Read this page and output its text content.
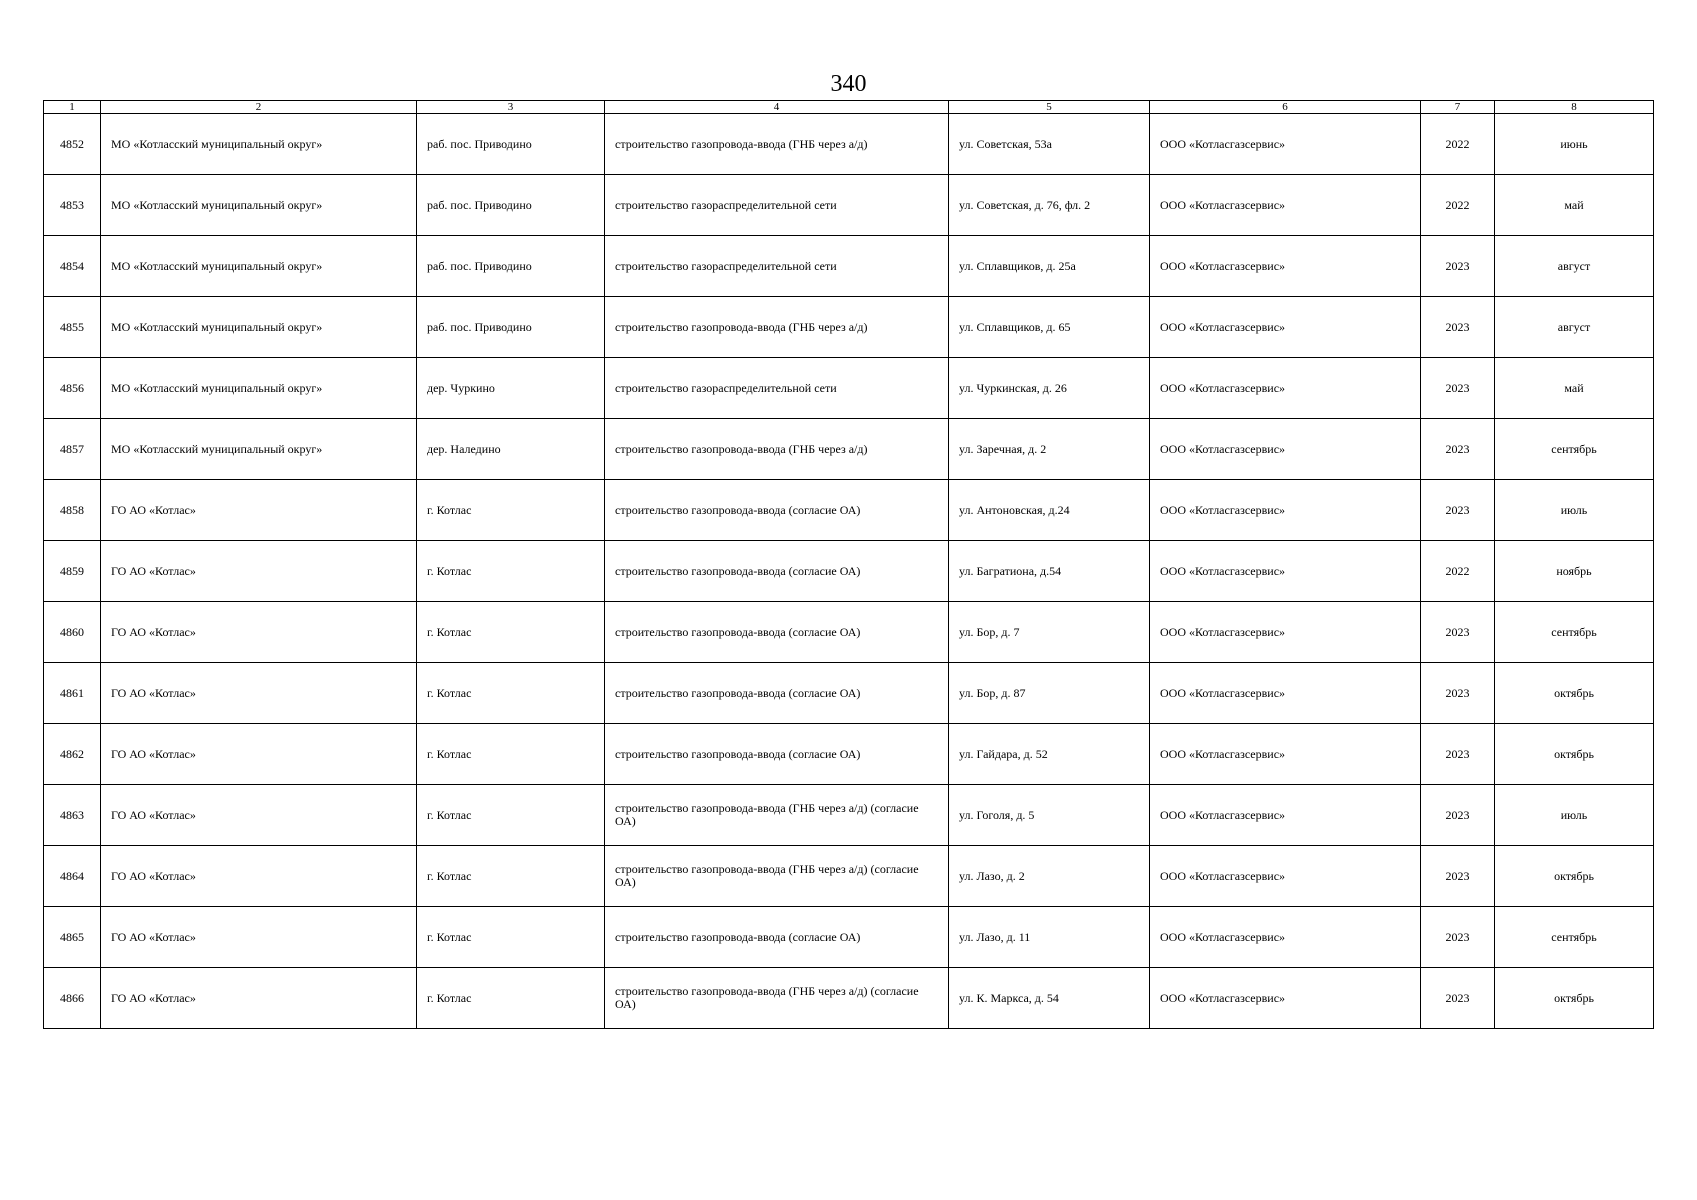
340
1	2	3	4	5	6	7	8
4852	МО «Котласский муниципальный округ»	раб. пос. Приводино	строительство газопровода-ввода (ГНБ через а/д)	ул. Советская, 53а	ООО «Котласгазсервис»	2022	июнь
4853	МО «Котласский муниципальный округ»	раб. пос. Приводино	строительство газораспределительной сети	ул. Советская, д. 76, фл. 2	ООО «Котласгазсервис»	2022	май
4854	МО «Котласский муниципальный округ»	раб. пос. Приводино	строительство газораспределительной сети	ул. Сплавщиков, д. 25а	ООО «Котласгазсервис»	2023	август
4855	МО «Котласский муниципальный округ»	раб. пос. Приводино	строительство газопровода-ввода (ГНБ через а/д)	ул. Сплавщиков, д. 65	ООО «Котласгазсервис»	2023	август
4856	МО «Котласский муниципальный округ»	дер. Чуркино	строительство газораспределительной сети	ул. Чуркинская, д. 26	ООО «Котласгазсервис»	2023	май
4857	МО «Котласский муниципальный округ»	дер. Наледино	строительство газопровода-ввода (ГНБ через а/д)	ул. Заречная, д. 2	ООО «Котласгазсервис»	2023	сентябрь
4858	ГО АО «Котлас»	г. Котлас	строительство газопровода-ввода (согласие ОА)	ул. Антоновская, д.24	ООО «Котласгазсервис»	2023	июль
4859	ГО АО «Котлас»	г. Котлас	строительство газопровода-ввода (согласие ОА)	ул. Багратиона, д.54	ООО «Котласгазсервис»	2022	ноябрь
4860	ГО АО «Котлас»	г. Котлас	строительство газопровода-ввода (согласие ОА)	ул. Бор, д. 7	ООО «Котласгазсервис»	2023	сентябрь
4861	ГО АО «Котлас»	г. Котлас	строительство газопровода-ввода (согласие ОА)	ул. Бор, д. 87	ООО «Котласгазсервис»	2023	октябрь
4862	ГО АО «Котлас»	г. Котлас	строительство газопровода-ввода (согласие ОА)	ул. Гайдара, д. 52	ООО «Котласгазсервис»	2023	октябрь
4863	ГО АО «Котлас»	г. Котлас	строительство газопровода-ввода (ГНБ через а/д) (согласие ОА)	ул. Гоголя, д. 5	ООО «Котласгазсервис»	2023	июль
4864	ГО АО «Котлас»	г. Котлас	строительство газопровода-ввода (ГНБ через а/д) (согласие ОА)	ул. Лазо, д. 2	ООО «Котласгазсервис»	2023	октябрь
4865	ГО АО «Котлас»	г. Котлас	строительство газопровода-ввода (согласие ОА)	ул. Лазо, д. 11	ООО «Котласгазсервис»	2023	сентябрь
4866	ГО АО «Котлас»	г. Котлас	строительство газопровода-ввода (ГНБ через а/д) (согласие ОА)	ул. К. Маркса, д. 54	ООО «Котласгазсервис»	2023	октябрь
